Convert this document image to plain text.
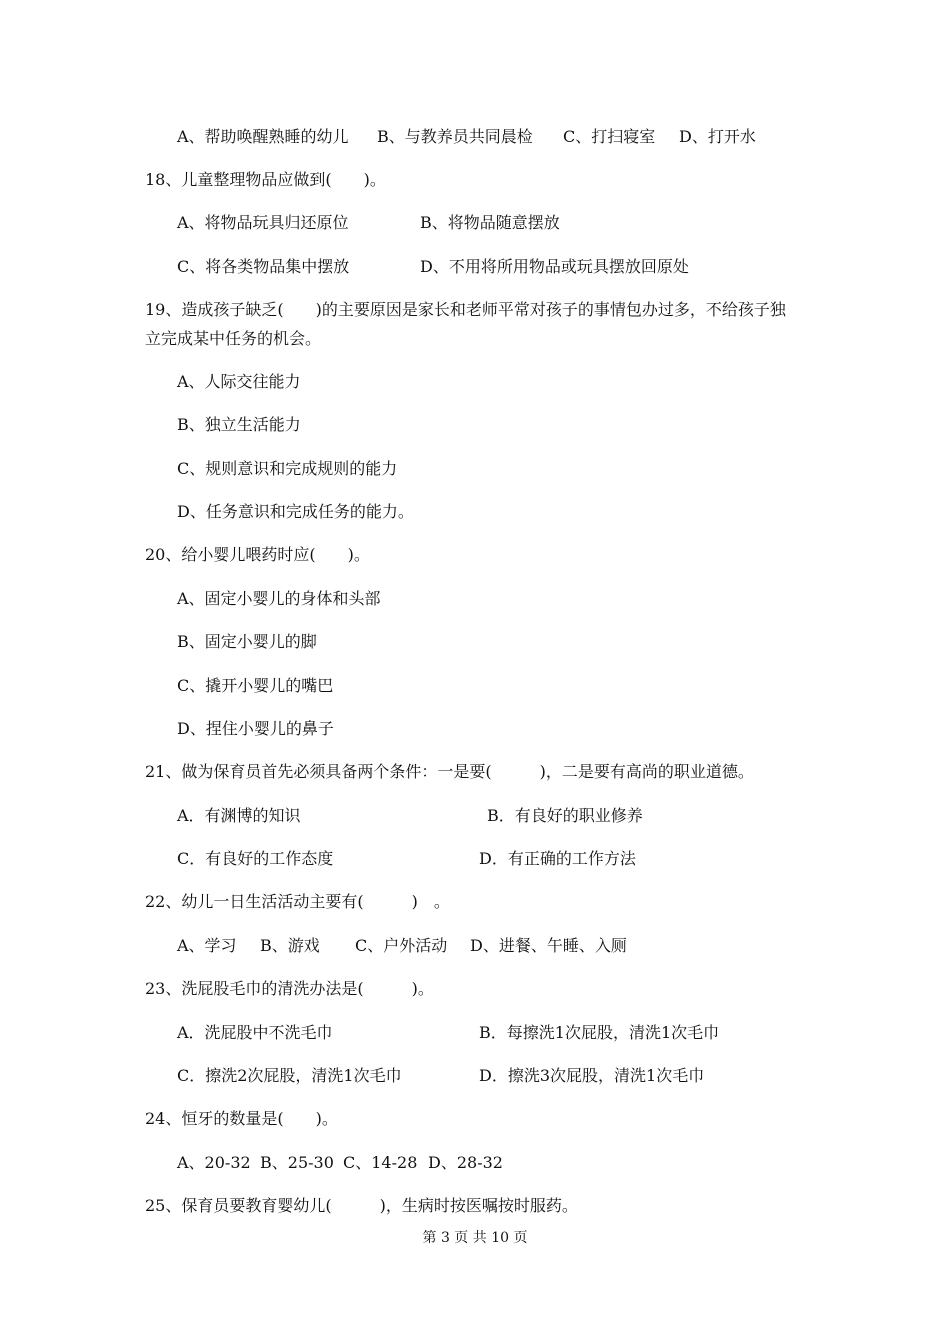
A、帮助唤醒熟睡的幼儿 B、与教养员共同晨检 C、打扫寝室 D、打开水
18、儿童整理物品应做到(　　)。
A、将物品玩具归还原位	B、将物品随意摆放
C、将各类物品集中摆放	D、不用将所用物品或玩具摆放回原处
19、造成孩子缺乏(　　)的主要原因是家长和老师平常对孩子的事情包办过多，不给孩子独
立完成某中任务的机会。
A、人际交往能力
B、独立生活能力
C、规则意识和完成规则的能力
D、任务意识和完成任务的能力。
20、给小婴儿喂药时应(　　)。
A、固定小婴儿的身体和头部
B、固定小婴儿的脚
C、撬开小婴儿的嘴巴
D、捏住小婴儿的鼻子
21、做为保育员首先必须具备两个条件：一是要(　　　)，二是要有高尚的职业道德。
A．有渊博的知识	B．有良好的职业修养
C．有良好的工作态度	D．有正确的工作方法
22、幼儿一日生活活动主要有(　　　)　。
A、学习 B、游戏 C、户外活动 D、进餐、午睡、入厕
23、洗屁股毛巾的清洗办法是(　　　)。
A．洗屁股中不洗毛巾	B．每擦洗1次屁股，清洗1次毛巾
C．擦洗2次屁股，清洗1次毛巾	D．擦洗3次屁股，清洗1次毛巾
24、恒牙的数量是(　　)。
A、20-32 B、25-30 C、14-28 D、28-32
25、保育员要教育婴幼儿(　　　)，生病时按医嘱按时服药。
第 3 页 共 10 页
